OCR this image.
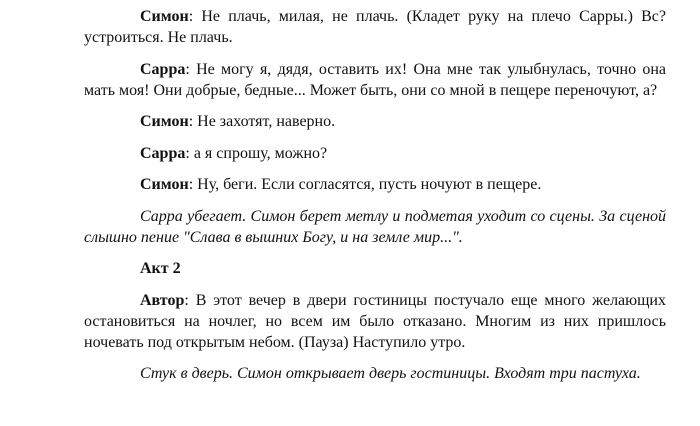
Симон: Не плачь, милая, не плачь. (Кладет руку на плечо Сарры.) Вс? устроиться. Не плачь.

Сарра: Не могу я, дядя, оставить их! Она мне так улыбнулась, точно она мать моя! Они добрые, бедные... Может быть, они со мной в пещере переночуют, а?

Симон: Не захотят, наверно.

Сарра: а я спрошу, можно?

Симон: Ну, беги. Если согласятся, пусть ночуют в пещере.

Сарра убегает. Симон берет метлу и подметая уходит со сцены. За сценой слышно пение "Слава в вышних Богу, и на земле мир...".

Акт 2

Автор: В этот вечер в двери гостиницы постучало еще много желающих остановиться на ночлег, но всем им было отказано. Многим из них пришлось ночевать под открытым небом. (Пауза) Наступило утро.

Стук в дверь. Симон открывает дверь гостиницы. Входят три пастуха.
